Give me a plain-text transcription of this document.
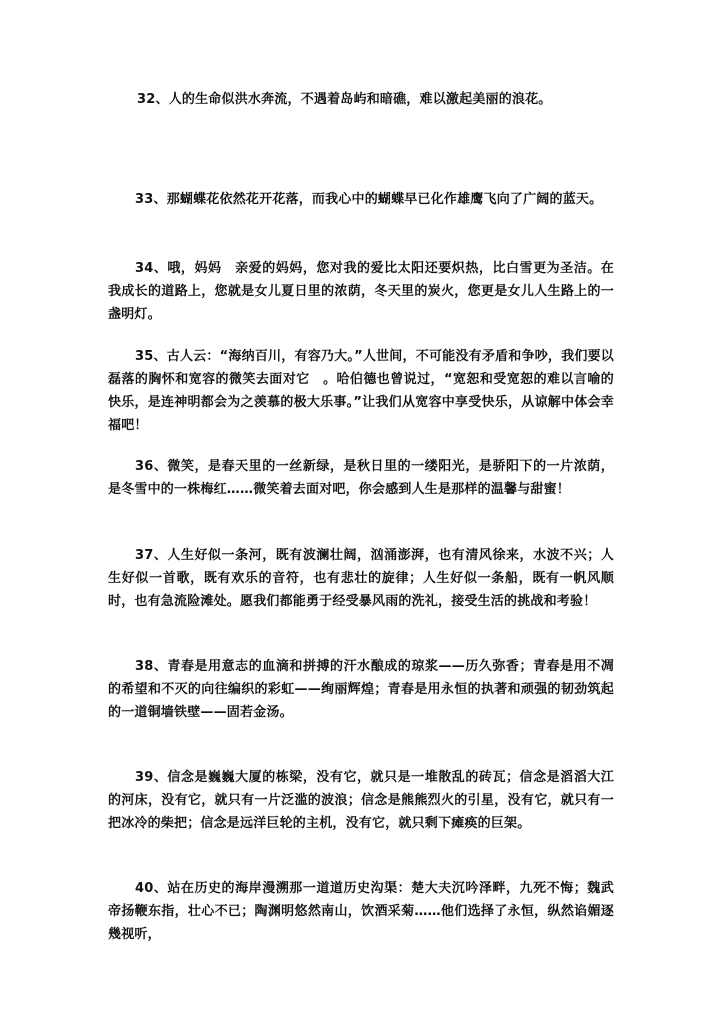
32、人的生命似洪水奔流，不遇着岛屿和暗礁，难以激起美丽的浪花。

33、那蝴蝶花依然花开花落，而我心中的蝴蝶早已化作雄鹰飞向了广阔的蓝天。

34、哦，妈妈　亲爱的妈妈，您对我的爱比太阳还要炽热，比白雪更为圣洁。在我成长的道路上，您就是女儿夏日里的浓荫，冬天里的炭火，您更是女儿人生路上的一盏明灯。

35、古人云：“海纳百川，有容乃大。”人世间，不可能没有矛盾和争吵，我们要以磊落的胸怀和宽容的微笑去面对它　。哈伯德也曾说过，“宽恕和受宽恕的难以言喻的快乐，是连神明都会为之羡慕的极大乐事。”让我们从宽容中享受快乐，从谅解中体会幸福吧！

36、微笑，是春天里的一丝新绿，是秋日里的一缕阳光，是骄阳下的一片浓荫，是冬雪中的一株梅红……微笑着去面对吧，你会感到人生是那样的温馨与甜蜜！

37、人生好似一条河，既有波澜壮阔，汹涌澎湃，也有清风徐来，水波不兴；人生好似一首歌，既有欢乐的音符，也有悲壮的旋律；人生好似一条船，既有一帆风顺时，也有急流险滩处。愿我们都能勇于经受暴风雨的洗礼，接受生活的挑战和考验！

38、青春是用意志的血滴和拼搏的汗水酿成的琼浆——历久弥香；青春是用不凋的希望和不灭的向往编织的彩虹——绚丽辉煌；青春是用永恒的执著和顽强的韧劲筑起的一道铜墙铁壁——固若金汤。

39、信念是巍巍大厦的栋梁，没有它，就只是一堆散乱的砖瓦；信念是滔滔大江的河床，没有它，就只有一片泛滥的波浪；信念是熊熊烈火的引星，没有它，就只有一把冰冷的柴把；信念是远洋巨轮的主机，没有它，就只剩下瘫痪的巨架。

40、站在历史的海岸漫溯那一道道历史沟渠：楚大夫沉吟泽畔，九死不悔；魏武帝扬鞭东指，壮心不已；陶渊明悠然南山，饮酒采菊……他们选择了永恒，纵然谄媚逐幾视听，
